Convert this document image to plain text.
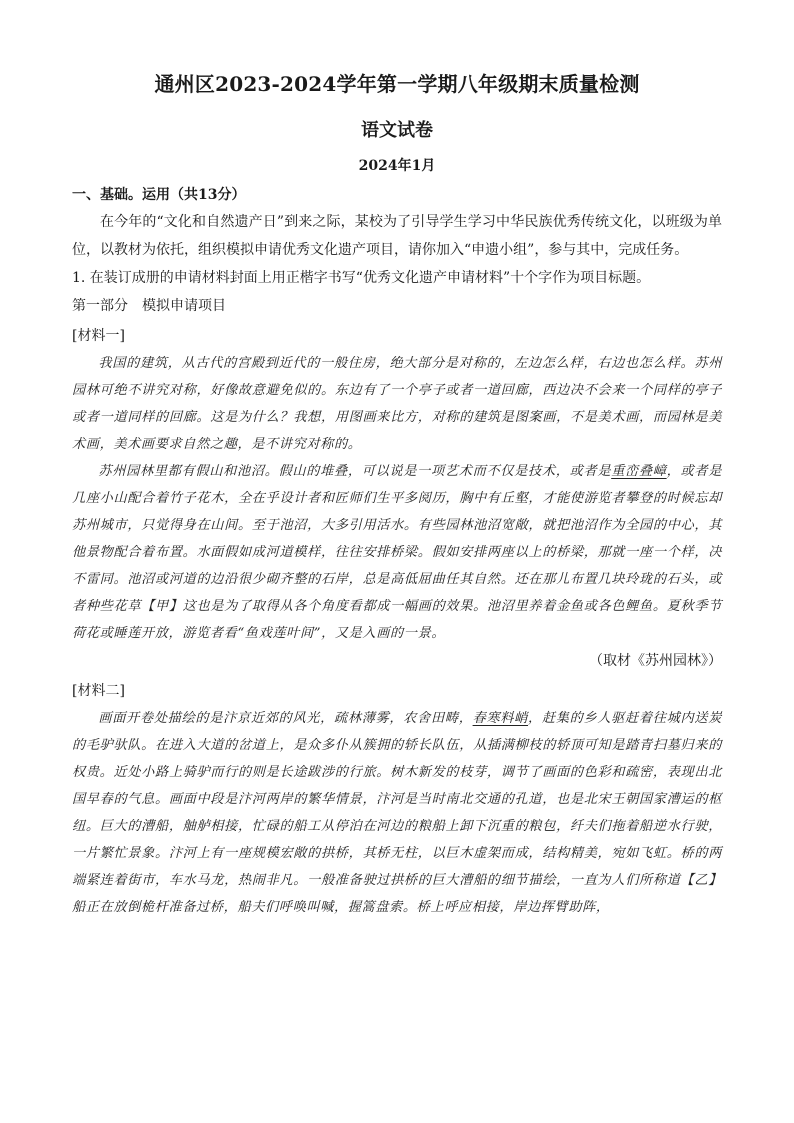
通州区2023-2024学年第一学期八年级期末质量检测
语文试卷
2024年1月

一、基础。运用（共13分）

在今年的“文化和自然遗产日”到来之际，某校为了引导学生学习中华民族优秀传统文化，以班级为单位，以教材为依托，组织模拟申请优秀文化遗产项目，请你加入“申遗小组”，参与其中，完成任务。

1. 在装订成册的申请材料封面上用正楷字书写“优秀文化遗产申请材料”十个字作为项目标题。

第一部分　模拟申请项目

[材料一]

我国的建筑，从古代的宫殿到近代的一般住房，绝大部分是对称的，左边怎么样，右边也怎么样。苏州园林可绝不讲究对称，好像故意避免似的。东边有了一个亭子或者一道回廊，西边决不会来一个同样的亭子或者一道同样的回廊。这是为什么？我想，用图画来比方，对称的建筑是图案画，不是美术画，而园林是美术画，美术画要求自然之趣，是不讲究对称的。

苏州园林里都有假山和池沼。假山的堆叠，可以说是一项艺术而不仅是技术，或者是重峦叠嶂，或者是几座小山配合着竹子花木，全在乎设计者和匠师们生平多阅历，胸中有丘壑，才能使游览者攀登的时候忘却苏州城市，只觉得身在山间。至于池沼，大多引用活水。有些园林池沼宽敞，就把池沼作为全园的中心，其他景物配合着布置。水面假如成河道模样，往往安排桥梁。假如安排两座以上的桥梁，那就一座一个样，决不雷同。池沼或河道的边沿很少砌齐整的石岸，总是高低屈曲任其自然。还在那儿布置几块玲珑的石头，或者种些花草【甲】这也是为了取得从各个角度看都成一幅画的效果。池沼里养着金鱼或各色鲤鱼。夏秋季节荷花或睡莲开放，游览者看“鱼戏莲叶间”，又是入画的一景。

（取材《苏州园林》）

[材料二]

画面开卷处描绘的是汴京近郊的风光，疏林薄雾，农舍田畴，春寒料峭，赶集的乡人驱赶着往城内送炭的毛驴驮队。在进入大道的岔道上，是众多仆从簇拥的轿长队伍，从插满柳枝的轿顶可知是踏青扫墓归来的权贵。近处小路上骑驴而行的则是长途跋涉的行旅。树木新发的枝芽，调节了画面的色彩和疏密，表现出北国早春的气息。画面中段是汴河两岸的繁华情景，汴河是当时南北交通的孔道，也是北宋王朝国家漕运的枢纽。巨大的漕船，舳舻相接，忙碌的船工从停泊在河边的粮船上卸下沉重的粮包，纤夫们拖着船逆水行驶，一片繁忙景象。汴河上有一座规模宏敞的拱桥，其桥无柱，以巨木虚架而成，结构精美，宛如飞虹。桥的两端紧连着街市，车水马龙，热闹非凡。一般准备驶过拱桥的巨大漕船的细节描绘，一直为人们所称道【乙】船正在放倒桅杆准备过桥，船夫们呼唤叫喊，握篙盘索。桥上呼应相接，岸边挥臂助阵，
